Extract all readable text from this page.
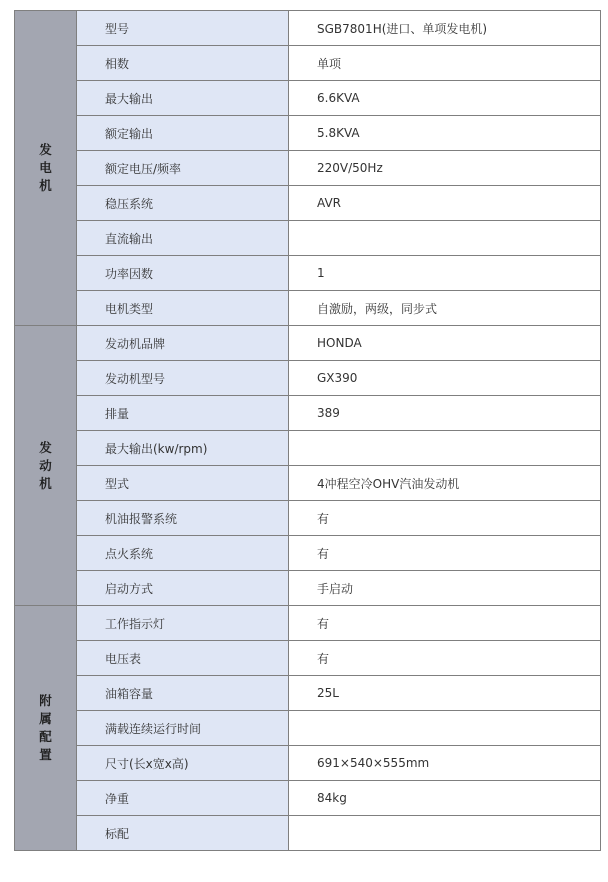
发电机	型号	SGB7801H(进口、单项发电机)
	相数	单项
	最大输出	6.6KVA
	额定输出	5.8KVA
	额定电压/频率	220V/50Hz
	稳压系统	AVR
	直流输出	
	功率因数	1
	电机类型	自激励，两级，同步式
发动机	发动机品牌	HONDA
	发动机型号	GX390
	排量	389
	最大输出(kw/rpm)	
	型式	4冲程空冷OHV汽油发动机
	机油报警系统	有
	点火系统	有
	启动方式	手启动
附属配置	工作指示灯	有
	电压表	有
	油箱容量	25L
	满载连续运行时间	
	尺寸(长x宽x高)	691×540×555mm
	净重	84kg
	标配	
